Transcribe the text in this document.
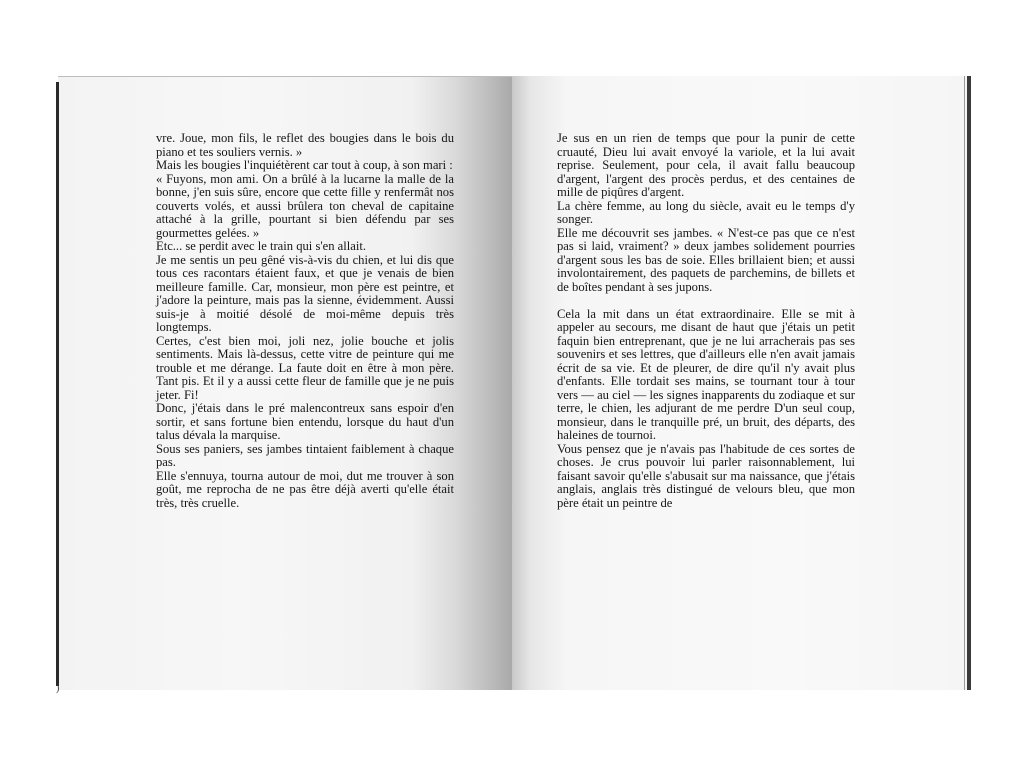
vre. Joue, mon fils, le reflet des bougies dans le bois du piano et tes souliers vernis. »

Mais les bougies l'inquiétèrent car tout à coup, à son mari :

« Fuyons, mon ami. On a brûlé à la lucarne la malle de la bonne, j'en suis sûre, encore que cette fille y renfermât nos couverts volés, et aussi brûlera ton cheval de capitaine attaché à la grille, pourtant si bien défendu par ses gourmettes gelées. »

Etc... se perdit avec le train qui s'en allait.

Je me sentis un peu gêné vis-à-vis du chien, et lui dis que tous ces racontars étaient faux, et que je venais de bien meilleure famille. Car, monsieur, mon père est peintre, et j'adore la peinture, mais pas la sienne, évidemment. Aussi suis-je à moitié désolé de moi-même depuis très longtemps.

Certes, c'est bien moi, joli nez, jolie bouche et jolis sentiments. Mais là-dessus, cette vitre de peinture qui me trouble et me dérange. La faute doit en être à mon père. Tant pis. Et il y a aussi cette fleur de famille que je ne puis jeter. Fi!

Donc, j'étais dans le pré malencontreux sans espoir d'en sortir, et sans fortune bien entendu, lorsque du haut d'un talus dévala la marquise.

Sous ses paniers, ses jambes tintaient faiblement à chaque pas.

Elle s'ennuya, tourna autour de moi, dut me trouver à son goût, me reprocha de ne pas être déjà averti qu'elle était très, très cruelle.

)

Je sus en un rien de temps que pour la punir de cette cruauté, Dieu lui avait envoyé la variole, et la lui avait reprise. Seulement, pour cela, il avait fallu beaucoup d'argent, l'argent des procès perdus, et des centaines de mille de piqûres d'argent.

La chère femme, au long du siècle, avait eu le temps d'y songer.

Elle me découvrit ses jambes. « N'est-ce pas que ce n'est pas si laid, vraiment? » deux jambes solidement pourries d'argent sous les bas de soie. Elles brillaient bien; et aussi involontairement, des paquets de parchemins, de billets et de boîtes pendant à ses jupons.

Cela la mit dans un état extraordinaire. Elle se mit à appeler au secours, me disant de haut que j'étais un petit faquin bien entreprenant, que je ne lui arracherais pas ses souvenirs et ses lettres, que d'ailleurs elle n'en avait jamais écrit de sa vie. Et de pleurer, de dire qu'il n'y avait plus d'enfants. Elle tordait ses mains, se tournant tour à tour vers — au ciel — les signes inapparents du zodiaque et sur terre, le chien, les adjurant de me perdre D'un seul coup, monsieur, dans le tranquille pré, un bruit, des départs, des haleines de tournoi.

Vous pensez que je n'avais pas l'habitude de ces sortes de choses. Je crus pouvoir lui parler raisonnablement, lui faisant savoir qu'elle s'abusait sur ma naissance, que j'étais anglais, anglais très distingué de velours bleu, que mon père était un peintre de
